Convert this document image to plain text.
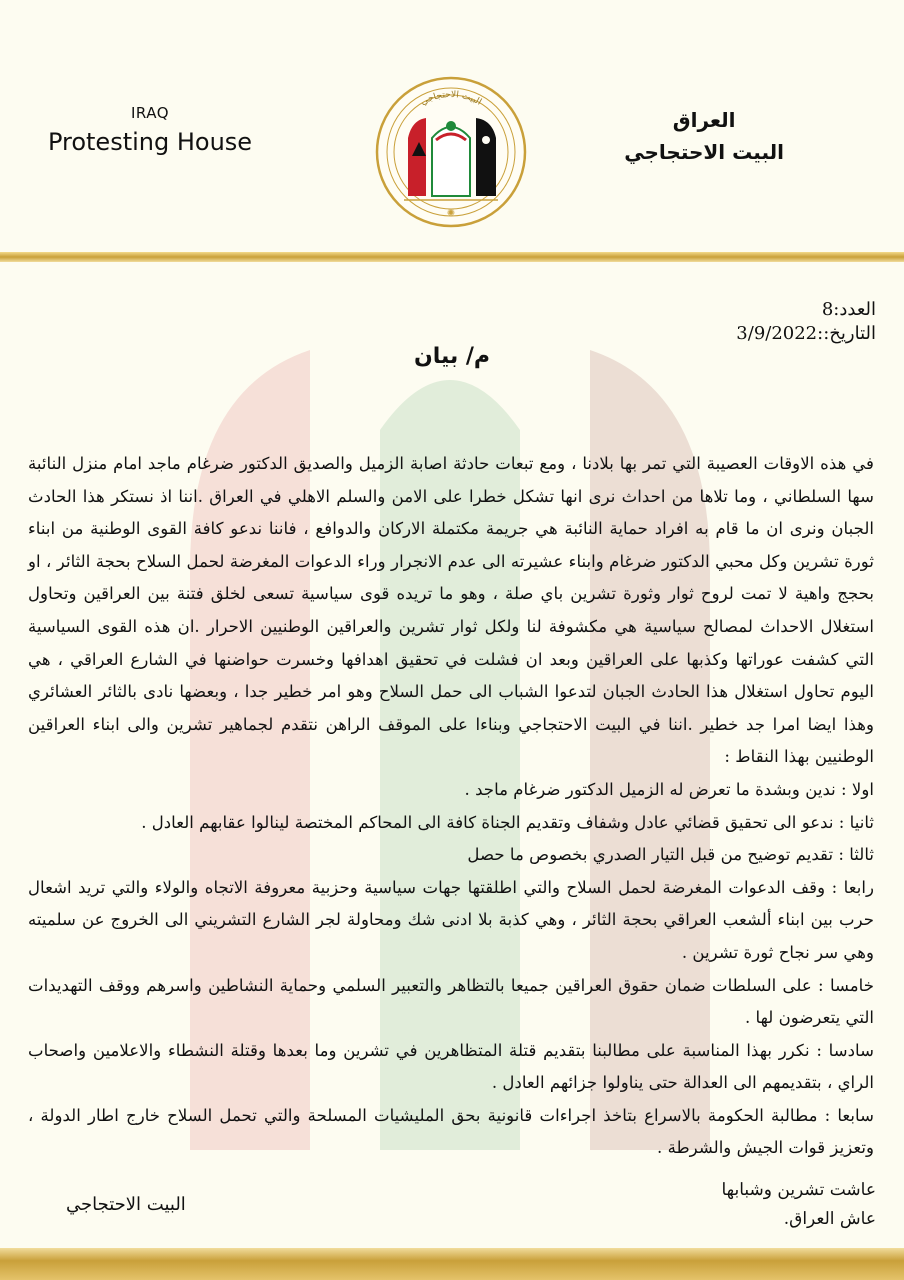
IRAQ
Protesting House
البيت الاحتجاجي
✺
العراق
البيت الاحتجاجي
العدد:8
التاريخ::3/9/2022
م/ بيان

في هذه الاوقات العصيبة التي تمر بها بلادنا ، ومع تبعات حادثة اصابة الزميل والصديق الدكتور ضرغام ماجد امام منزل النائبة سها السلطاني ، وما تلاها من احداث نرى انها تشكل خطرا على الامن والسلم الاهلي في العراق .اننا اذ نستكر هذا الحادث الجبان ونرى ان ما قام به افراد حماية النائبة هي جريمة مكتملة الاركان والدوافع ، فاننا ندعو كافة القوى الوطنية من ابناء ثورة تشرين وكل محبي الدكتور ضرغام وابناء عشيرته الى عدم الانجرار وراء الدعوات المغرضة لحمل السلاح بحجة الثائر ، او بحجج واهية لا تمت لروح ثوار وثورة تشرين باي صلة ، وهو ما تريده قوى سياسية تسعى لخلق فتنة بين العراقين وتحاول استغلال الاحداث لمصالح سياسية هي مكشوفة لنا ولكل ثوار تشرين والعراقين الوطنيين الاحرار .ان هذه القوى السياسية التي كشفت عوراتها وكذبها على العراقين وبعد ان فشلت في تحقيق اهدافها وخسرت حواضنها في الشارع العراقي ، هي اليوم تحاول استغلال هذا الحادث الجبان لتدعوا الشباب الى حمل السلاح وهو امر خطير جدا ، وبعضها نادى بالثائر العشائري وهذا ايضا امرا جد خطير .اننا في البيت الاحتجاجي وبناءا على الموقف الراهن نتقدم لجماهير تشرين والى ابناء العراقين الوطنيين بهذا النقاط :

اولا : ندين وبشدة ما تعرض له الزميل الدكتور ضرغام ماجد .

ثانيا : ندعو الى تحقيق قضائي عادل وشفاف وتقديم الجناة كافة الى المحاكم المختصة لينالوا عقابهم العادل .

ثالثا : تقديم توضيح من قبل التيار الصدري بخصوص ما حصل

رابعا : وقف الدعوات المغرضة لحمل السلاح والتي اطلقتها جهات سياسية وحزبية معروفة الاتجاه والولاء والتي تريد اشعال حرب بين ابناء ألشعب العراقي بحجة الثائر ، وهي كذبة بلا ادنى شك ومحاولة لجر الشارع التشريني الى الخروج عن سلميته وهي سر نجاح ثورة تشرين .

خامسا : على السلطات ضمان حقوق العراقين جميعا بالتظاهر والتعبير السلمي وحماية النشاطين واسرهم ووقف التهديدات التي يتعرضون لها .

سادسا : نكرر بهذا المناسبة على مطالبنا بتقديم قتلة المتظاهرين في تشرين وما بعدها وقتلة النشطاء والاعلامين واصحاب الراي ، بتقديمهم الى العدالة حتى يناولوا جزائهم العادل .

سابعا : مطالبة الحكومة بالاسراع بتاخذ اجراءات قانونية بحق المليشيات المسلحة والتي تحمل السلاح خارج اطار الدولة ، وتعزيز قوات الجيش والشرطة .

عاشت تشرين وشبابها
عاش العراق.
البيت الاحتجاجي
